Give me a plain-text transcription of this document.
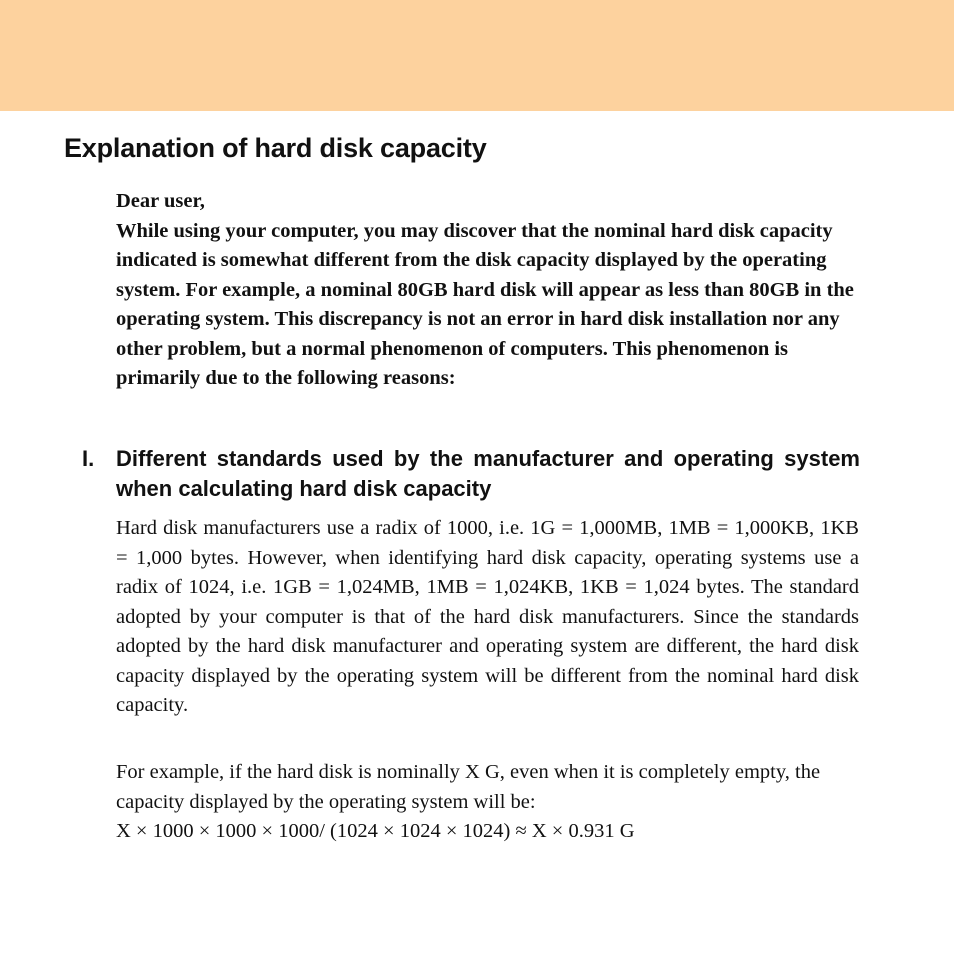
Explanation of hard disk capacity

Dear user,

While using your computer, you may discover that the nominal hard disk capacity indicated is somewhat different from the disk capacity displayed by the operating system. For example, a nominal 80GB hard disk will appear as less than 80GB in the operating system. This discrepancy is not an error in hard disk installation nor any other problem, but a normal phenomenon of computers. This phenomenon is primarily due to the following reasons:

I. Different standards used by the manufacturer and operating system when calculating hard disk capacity

Hard disk manufacturers use a radix of 1000, i.e. 1G = 1,000MB, 1MB = 1,000KB, 1KB = 1,000 bytes. However, when identifying hard disk capacity, operating systems use a radix of 1024, i.e. 1GB = 1,024MB, 1MB = 1,024KB, 1KB = 1,024 bytes. The standard adopted by your computer is that of the hard disk manufacturers. Since the standards adopted by the hard disk manufacturer and operating system are different, the hard disk capacity displayed by the operating system will be different from the nominal hard disk capacity.

For example, if the hard disk is nominally X G, even when it is completely empty, the capacity displayed by the operating system will be:
X × 1000 × 1000 × 1000/ (1024 × 1024 × 1024) ≈ X × 0.931 G
